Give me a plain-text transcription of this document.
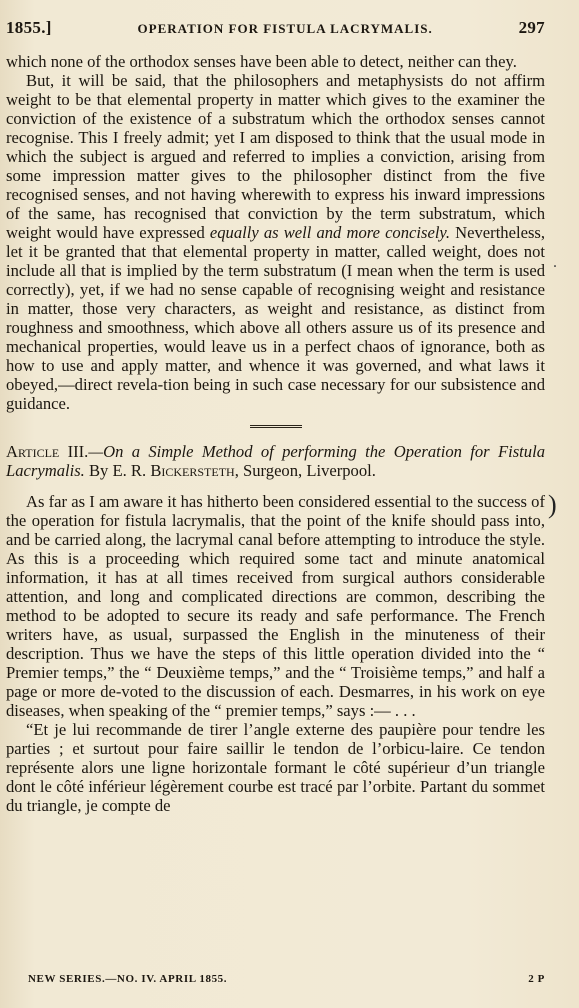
1855.]	OPERATION FOR FISTULA LACRYMALIS.	297

which none of the orthodox senses have been able to detect, neither can they.

But, it will be said, that the philosophers and metaphysists do not affirm weight to be that elemental property in matter which gives to the examiner the conviction of the existence of a substratum which the orthodox senses cannot recognise. This I freely admit; yet I am disposed to think that the usual mode in which the subject is argued and referred to implies a conviction, arising from some impression matter gives to the philosopher distinct from the five recognised senses, and not having wherewith to express his inward impressions of the same, has recognised that conviction by the term substratum, which weight would have expressed equally as well and more concisely. Nevertheless, let it be granted that that elemental property in matter, called weight, does not include all that is implied by the term substratum (I mean when the term is used correctly), yet, if we had no sense capable of recognising weight and resistance in matter, those very characters, as weight and resistance, as distinct from roughness and smoothness, which above all others assure us of its presence and mechanical properties, would leave us in a perfect chaos of ignorance, both as how to use and apply matter, and whence it was governed, and what laws it obeyed,—direct revela-tion being in such case necessary for our subsistence and guidance.

Article III.—On a Simple Method of performing the Operation for Fistula Lacrymalis. By E. R. Bickersteth, Surgeon, Liverpool.

As far as I am aware it has hitherto been considered essential to the success of the operation for fistula lacrymalis, that the point of the knife should pass into, and be carried along, the lacrymal canal before attempting to introduce the style. As this is a proceeding which required some tact and minute anatomical information, it has at all times received from surgical authors considerable attention, and long and complicated directions are common, describing the method to be adopted to secure its ready and safe performance. The French writers have, as usual, surpassed the English in the minuteness of their description. Thus we have the steps of this little operation divided into the “ Premier temps,” the “ Deuxième temps,” and the “ Troisième temps,” and half a page or more de-voted to the discussion of each. Desmarres, in his work on eye diseases, when speaking of the “ premier temps,” says :— . . .

“Et je lui recommande de tirer l’angle externe des paupière pour tendre les parties ; et surtout pour faire saillir le tendon de l’orbicu-laire. Ce tendon représente alors une ligne horizontale formant le côté supérieur d’un triangle dont le côté inférieur légèrement courbe est tracé par l’orbite. Partant du sommet du triangle, je compte de

.
)
NEW SERIES.—NO. IV. APRIL 1855.	2 P
